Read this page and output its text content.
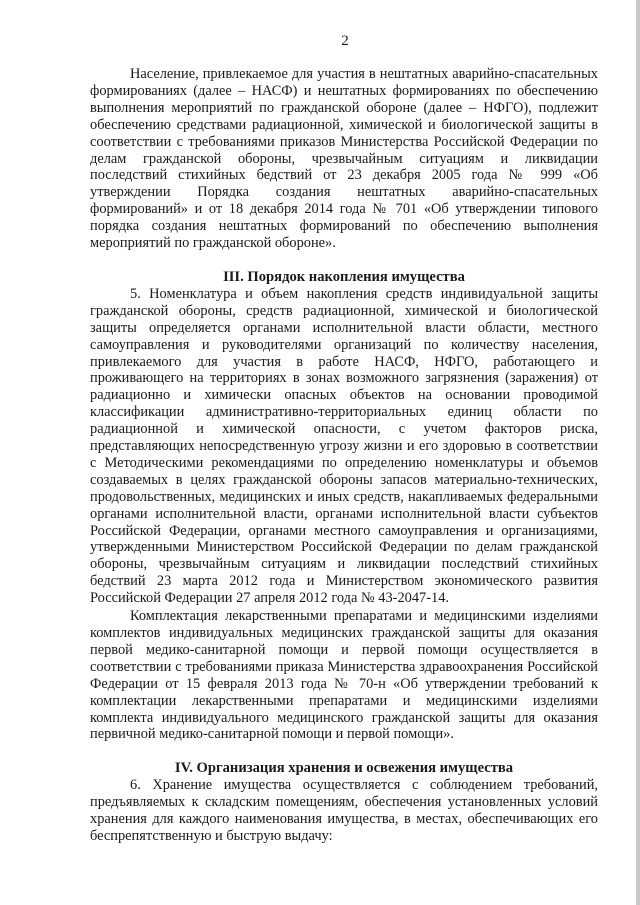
2

Население, привлекаемое для участия в нештатных аварийно-спасательных формированиях (далее – НАСФ) и нештатных формированиях по обеспечению выполнения мероприятий по гражданской обороне (далее – НФГО), подлежит обеспечению средствами радиационной, химической и биологической защиты в соответствии с требованиями приказов Министерства Российской Федерации по делам гражданской обороны, чрезвычайным ситуациям и ликвидации последствий стихийных бедствий от 23 декабря 2005 года № 999 «Об утверждении Порядка создания нештатных аварийно-спасательных формирований» и от 18 декабря 2014 года № 701 «Об утверждении типового порядка создания нештатных формирований по обеспечению выполнения мероприятий по гражданской обороне».

III. Порядок накопления имущества

5. Номенклатура и объем накопления средств индивидуальной защиты гражданской обороны, средств радиационной, химической и биологической защиты определяется органами исполнительной власти области, местного самоуправления и руководителями организаций по количеству населения, привлекаемого для участия в работе НАСФ, НФГО, работающего и проживающего на территориях в зонах возможного загрязнения (заражения) от радиационно и химически опасных объектов на основании проводимой классификации административно-территориальных единиц области по радиационной и химической опасности, с учетом факторов риска, представляющих непосредственную угрозу жизни и его здоровью в соответствии с Методическими рекомендациями по определению номенклатуры и объемов создаваемых в целях гражданской обороны запасов материально-технических, продовольственных, медицинских и иных средств, накапливаемых федеральными органами исполнительной власти, органами исполнительной власти субъектов Российской Федерации, органами местного самоуправления и организациями, утвержденными Министерством Российской Федерации по делам гражданской обороны, чрезвычайным ситуациям и ликвидации последствий стихийных бедствий 23 марта 2012 года и Министерством экономического развития Российской Федерации 27 апреля 2012 года № 43-2047-14.

Комплектация лекарственными препаратами и медицинскими изделиями комплектов индивидуальных медицинских гражданской защиты для оказания первой медико-санитарной помощи и первой помощи осуществляется в соответствии с требованиями приказа Министерства здравоохранения Российской Федерации от 15 февраля 2013 года № 70-н «Об утверждении требований к комплектации лекарственными препаратами и медицинскими изделиями комплекта индивидуального медицинского гражданской защиты для оказания первичной медико-санитарной помощи и первой помощи».

IV. Организация хранения и освежения имущества

6. Хранение имущества осуществляется с соблюдением требований, предъявляемых к складским помещениям, обеспечения установленных условий хранения для каждого наименования имущества, в местах, обеспечивающих его беспрепятственную и быструю выдачу:
